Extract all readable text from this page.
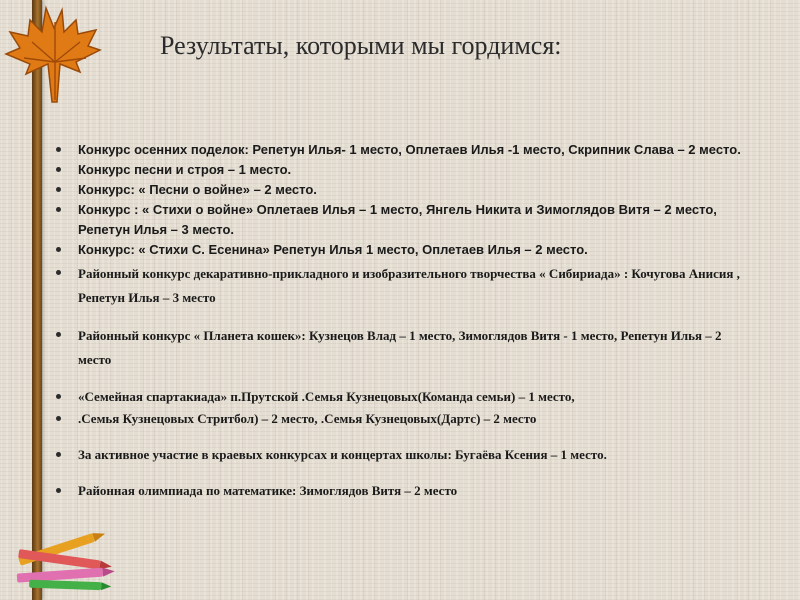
Результаты, которыми мы гордимся:
Конкурс осенних поделок: Репетун Илья- 1 место, Оплетаев Илья -1 место, Скрипник Слава – 2 место.
Конкурс песни и строя – 1 место.
Конкурс: « Песни о войне» – 2 место.
Конкурс : « Стихи о войне» Оплетаев Илья – 1 место, Янгель Никита и Зимоглядов Витя – 2 место, Репетун Илья – 3 место.
Конкурс: « Стихи С. Есенина» Репетун Илья 1 место, Оплетаев Илья – 2 место.
Районный конкурс декаративно-прикладного и изобразительного творчества « Сибириада» : Кочугова Анисия , Репетун Илья – 3 место
Районный конкурс « Планета кошек»: Кузнецов Влад – 1 место, Зимоглядов Витя - 1 место, Репетун Илья – 2 место
«Семейная спартакиада» п.Прутской .Семья Кузнецовых(Команда семьи) – 1 место,
.Семья Кузнецовых Стритбол) – 2 место, .Семья Кузнецовых(Дартс) – 2 место
За активное участие в краевых конкурсах и концертах школы: Бугаёва Ксения – 1 место.
Районная олимпиада по математике: Зимоглядов Витя – 2 место
